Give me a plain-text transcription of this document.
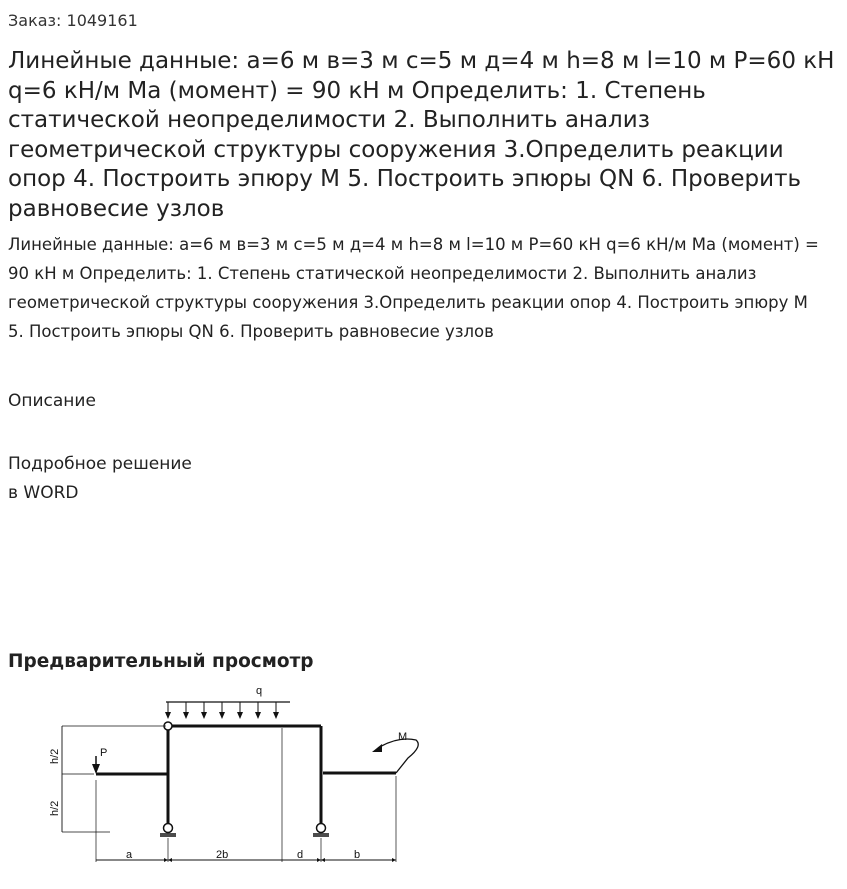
Заказ: 1049161
Линейные данные: а=6 м в=3 м с=5 м д=4 м h=8 м l=10 м P=60 кН q=6 кН/м Ма (момент) = 90 кН м Определить: 1. Степень статической неопределимости 2. Выполнить анализ геометрической структуры сооружения 3.Определить реакции опор 4. Построить эпюру М 5. Построить эпюры QN 6. Проверить равновесие узлов

Линейные данные: а=6 м в=3 м с=5 м д=4 м h=8 м l=10 м P=60 кН q=6 кН/м Ма (момент) = 90 кН м Определить: 1. Степень статической неопределимости 2. Выполнить анализ геометрической структуры сооружения 3.Определить реакции опор 4. Построить эпюру М 5. Построить эпюры QN 6. Проверить равновесие узлов

Описание
Подробное решение
в WORD
Предварительный просмотр
q
P
M
h/2
h/2
a	2b	d	b
